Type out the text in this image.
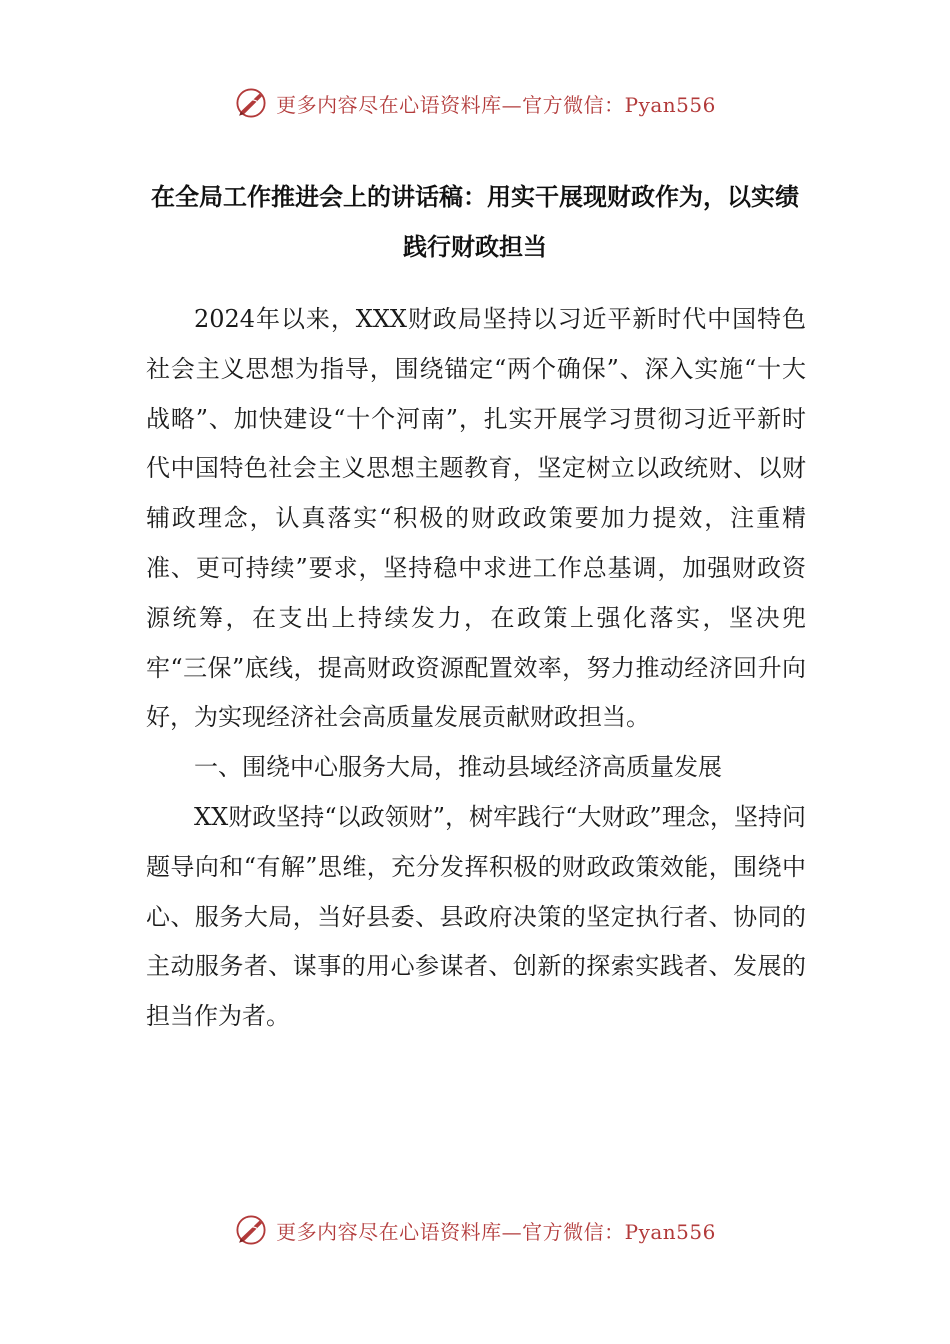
更多内容尽在心语资料库—官方微信：Pyan556
在全局工作推进会上的讲话稿：用实干展现财政作为，以实绩践行财政担当

2024年以来，XXX财政局坚持以习近平新时代中国特色社会主义思想为指导，围绕锚定“两个确保”、深入实施“十大战略”、加快建设“十个河南”，扎实开展学习贯彻习近平新时代中国特色社会主义思想主题教育，坚定树立以政统财、以财辅政理念，认真落实“积极的财政政策要加力提效，注重精准、更可持续”要求，坚持稳中求进工作总基调，加强财政资源统筹，在支出上持续发力，在政策上强化落实，坚决兜牢“三保”底线，提高财政资源配置效率，努力推动经济回升向好，为实现经济社会高质量发展贡献财政担当。

一、围绕中心服务大局，推动县域经济高质量发展

XX财政坚持“以政领财”，树牢践行“大财政”理念，坚持问题导向和“有解”思维，充分发挥积极的财政政策效能，围绕中心、服务大局，当好县委、县政府决策的坚定执行者、协同的主动服务者、谋事的用心参谋者、创新的探索实践者、发展的担当作为者。

更多内容尽在心语资料库—官方微信：Pyan556
